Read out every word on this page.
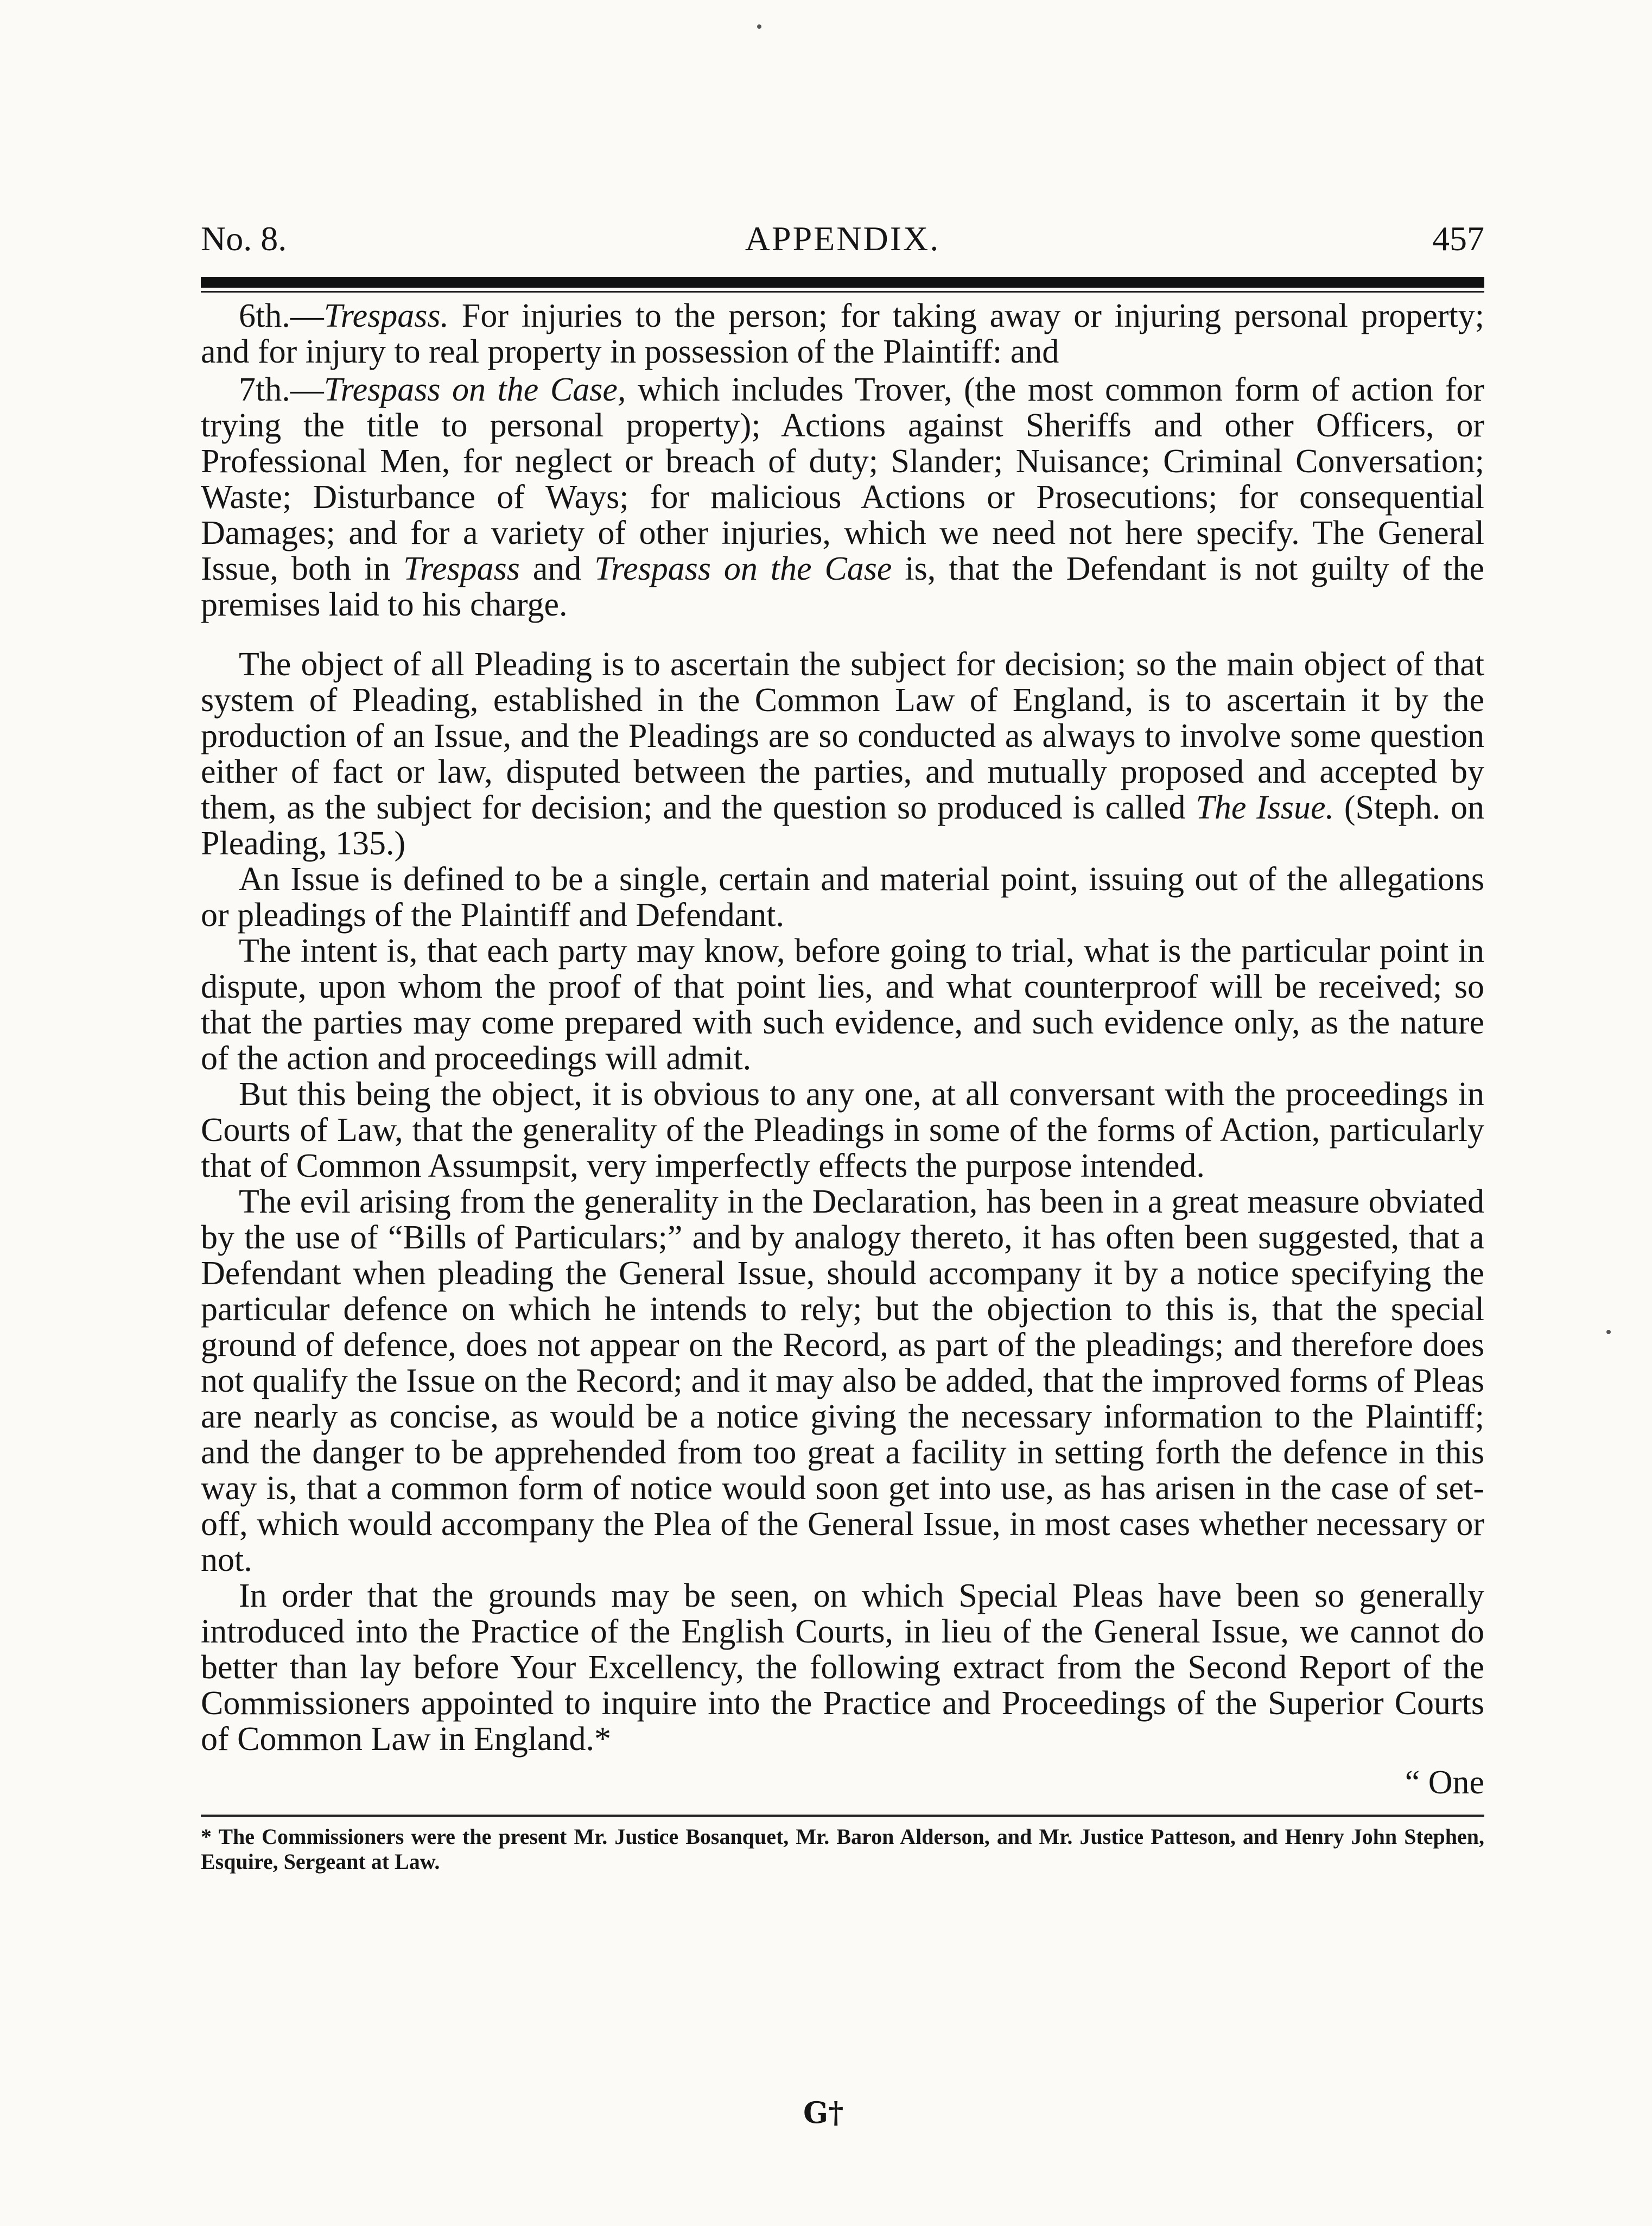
No. 8.	APPENDIX.	457

6th.—Trespass. For injuries to the person; for taking away or injuring personal property; and for injury to real property in possession of the Plaintiff: and

7th.—Trespass on the Case, which includes Trover, (the most common form of action for trying the title to personal property); Actions against Sheriffs and other Officers, or Professional Men, for neglect or breach of duty; Slander; Nuisance; Criminal Conversation; Waste; Disturbance of Ways; for malicious Actions or Prosecutions; for consequential Damages; and for a variety of other injuries, which we need not here specify. The General Issue, both in Trespass and Trespass on the Case is, that the Defendant is not guilty of the premises laid to his charge.

The object of all Pleading is to ascertain the subject for decision; so the main object of that system of Pleading, established in the Common Law of England, is to ascertain it by the production of an Issue, and the Pleadings are so conducted as always to involve some question either of fact or law, disputed between the parties, and mutually proposed and accepted by them, as the subject for decision; and the question so produced is called The Issue. (Steph. on Pleading, 135.)

An Issue is defined to be a single, certain and material point, issuing out of the allegations or pleadings of the Plaintiff and Defendant.

The intent is, that each party may know, before going to trial, what is the particular point in dispute, upon whom the proof of that point lies, and what counterproof will be received; so that the parties may come prepared with such evidence, and such evidence only, as the nature of the action and proceedings will admit.

But this being the object, it is obvious to any one, at all conversant with the proceedings in Courts of Law, that the generality of the Pleadings in some of the forms of Action, particularly that of Common Assumpsit, very imperfectly effects the purpose intended.

The evil arising from the generality in the Declaration, has been in a great measure obviated by the use of “Bills of Particulars;” and by analogy thereto, it has often been suggested, that a Defendant when pleading the General Issue, should accompany it by a notice specifying the particular defence on which he intends to rely; but the objection to this is, that the special ground of defence, does not appear on the Record, as part of the pleadings; and therefore does not qualify the Issue on the Record; and it may also be added, that the improved forms of Pleas are nearly as concise, as would be a notice giving the necessary information to the Plaintiff; and the danger to be apprehended from too great a facility in setting forth the defence in this way is, that a common form of notice would soon get into use, as has arisen in the case of set-off, which would accompany the Plea of the General Issue, in most cases whether necessary or not.

In order that the grounds may be seen, on which Special Pleas have been so generally introduced into the Practice of the English Courts, in lieu of the General Issue, we cannot do better than lay before Your Excellency, the following extract from the Second Report of the Commissioners appointed to inquire into the Practice and Proceedings of the Superior Courts of Common Law in England.*

“ One
* The Commissioners were the present Mr. Justice Bosanquet, Mr. Baron Alderson, and Mr. Justice Patteson, and Henry John Stephen, Esquire, Sergeant at Law.
G†
